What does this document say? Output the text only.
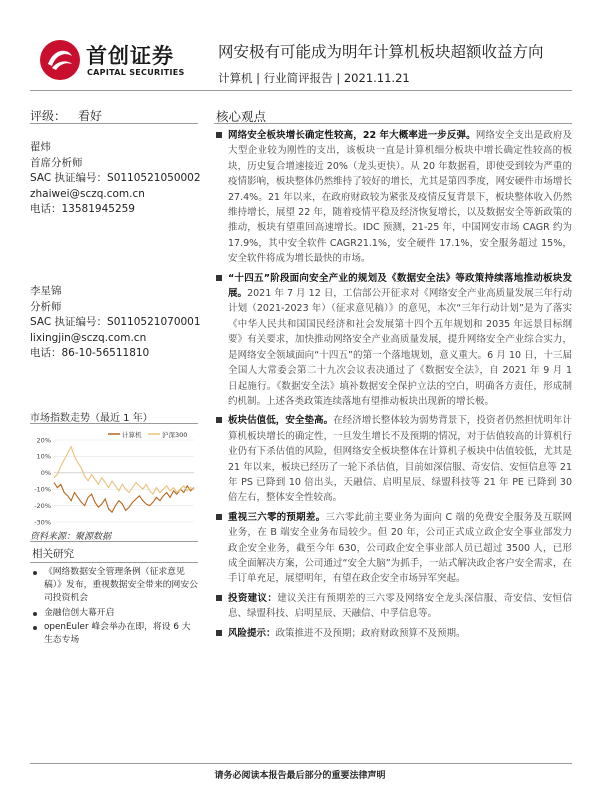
首创证券
CAPITAL SECURITIES
网安极有可能成为明年计算机板块超额收益方向
计算机 | 行业简评报告 | 2021.11.21
评级： 看好
翟炜
首席分析师
SAC 执证编号：S0110521050002
zhaiwei@sczq.com.cn
电话：13581945259
李星锦
分析师
SAC 执证编号：S0110521070001
lixingjin@sczq.com.cn
电话：86-10-56511810
市场指数走势（最近 1 年）
20%
10%
0%
-10%
-20%
-30%
计算机	沪深300
资料来源：聚源数据
相关研究
《网络数据安全管理条例（征求意见稿）》发布，重视数据安全带来的网安公司投资机会
金融信创大幕开启
openEuler 峰会举办在即，将设 6 大生态专场
核心观点
网络安全板块增长确定性较高，22 年大概率进一步反弹。网络安全支出是政府及大型企业较为刚性的支出，该板块一直是计算机细分板块中增长确定性较高的板块，历史复合增速接近 20%（龙头更快）。从 20 年数据看，即使受到较为严重的疫情影响，板块整体仍然维持了较好的增长，尤其是第四季度，网安硬件市场增长 27.4%。21 年以来，在政府财政较为紧张及疫情反复背景下，板块整体收入仍然维持增长，展望 22 年，随着疫情平稳及经济恢复增长，以及数据安全等新政策的推动，板块有望重回高速增长。IDC 预测，21-25 年，中国网安市场 CAGR 约为 17.9%，其中安全软件 CAGR21.1%，安全硬件 17.1%，安全服务超过 15%，安全软件将成为增长最快的市场。
“十四五”阶段面向安全产业的规划及《数据安全法》等政策持续落地推动板块发展。2021 年 7 月 12 日，工信部公开征求对《网络安全产业高质量发展三年行动计划（2021-2023 年）（征求意见稿）》的意见，本次“三年行动计划”是为了落实《中华人民共和国国民经济和社会发展第十四个五年规划和 2035 年远景目标纲要》有关要求，加快推动网络安全产业高质量发展，提升网络安全产业综合实力，是网络安全领域面向“十四五”的第一个落地规划，意义重大。6 月 10 日，十三届全国人大常委会第二十九次会议表决通过了《数据安全法》，自 2021 年 9 月 1 日起施行。《数据安全法》填补数据安全保护立法的空白，明确各方责任，形成制约机制。上述各类政策连续落地有望推动板块出现新的增长极。
板块估值低，安全垫高。在经济增长整体较为弱势背景下，投资者仍然担忧明年计算机板块增长的确定性，一旦发生增长不及预期的情况，对于估值较高的计算机行业仍有下杀估值的风险，但网络安全板块整体在计算机子板块中估值较低，尤其是 21 年以来，板块已经历了一轮下杀估值，目前如深信服、奇安信、安恒信息等 21 年 PS 已降到 10 倍出头，天融信、启明星辰、绿盟科技等 21 年 PE 已降到 30 倍左右，整体安全性较高。
重视三六零的预期差。三六零此前主要业务为面向 C 端的免费安全服务及互联网业务，在 B 端安全业务布局较少。但 20 年，公司正式成立政企安全事业部发力政企安全业务，截至今年 630，公司政企安全事业部人员已超过 3500 人，已形成全面解决方案，公司通过“安全大脑”为抓手，一站式解决政企客户安全需求，在手订单充足，展望明年，有望在政企安全市场异军突起。
投资建议：建议关注有预期差的三六零及网络安全龙头深信服、奇安信、安恒信息、绿盟科技、启明星辰、天融信、中孚信息等。
风险提示：政策推进不及预期；政府财政预算不及预期。
请务必阅读本报告最后部分的重要法律声明
